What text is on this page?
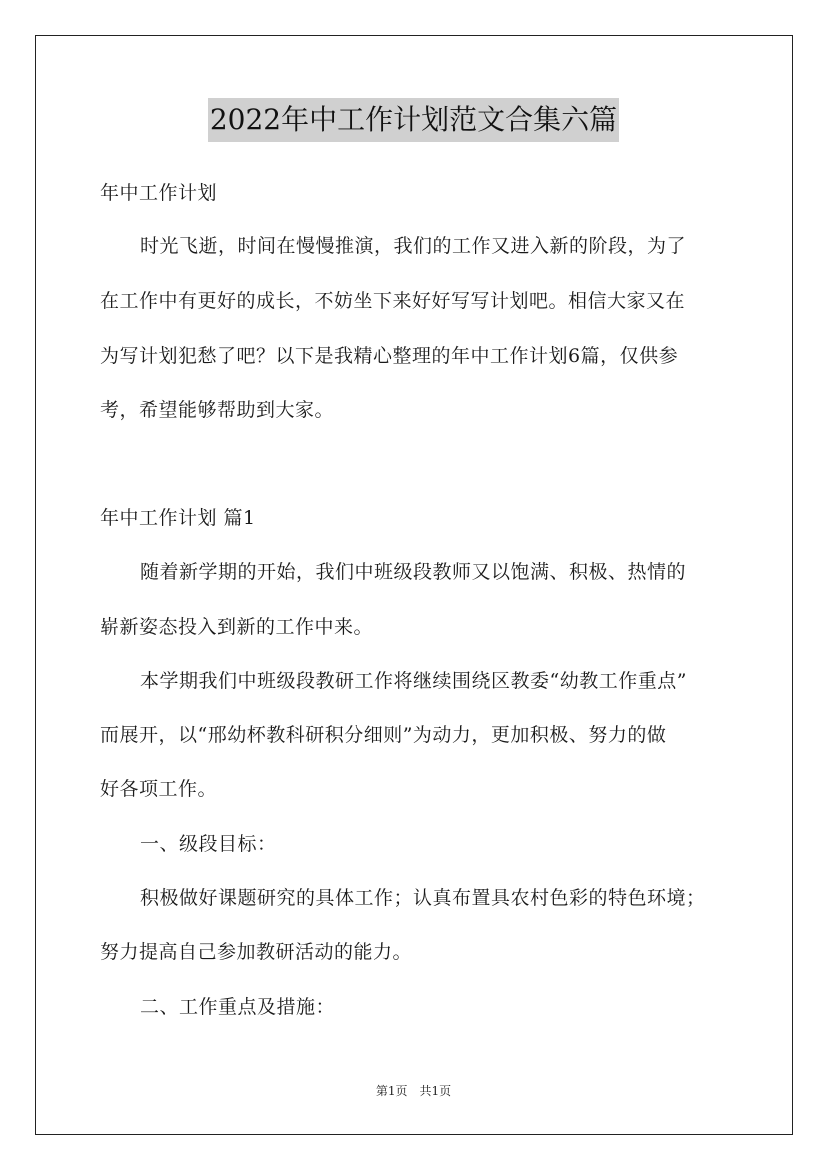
2022年中工作计划范文合集六篇
年中工作计划
时光飞逝，时间在慢慢推演，我们的工作又进入新的阶段，为了
在工作中有更好的成长，不妨坐下来好好写写计划吧。相信大家又在
为写计划犯愁了吧？以下是我精心整理的年中工作计划6篇，仅供参
考，希望能够帮助到大家。
年中工作计划 篇1
随着新学期的开始，我们中班级段教师又以饱满、积极、热情的
崭新姿态投入到新的工作中来。
本学期我们中班级段教研工作将继续围绕区教委“幼教工作重点”
而展开，以“邢幼杯教科研积分细则”为动力，更加积极、努力的做
好各项工作。
一、级段目标：
积极做好课题研究的具体工作；认真布置具农村色彩的特色环境；
努力提高自己参加教研活动的能力。
二、工作重点及措施：
第1页　共1页
